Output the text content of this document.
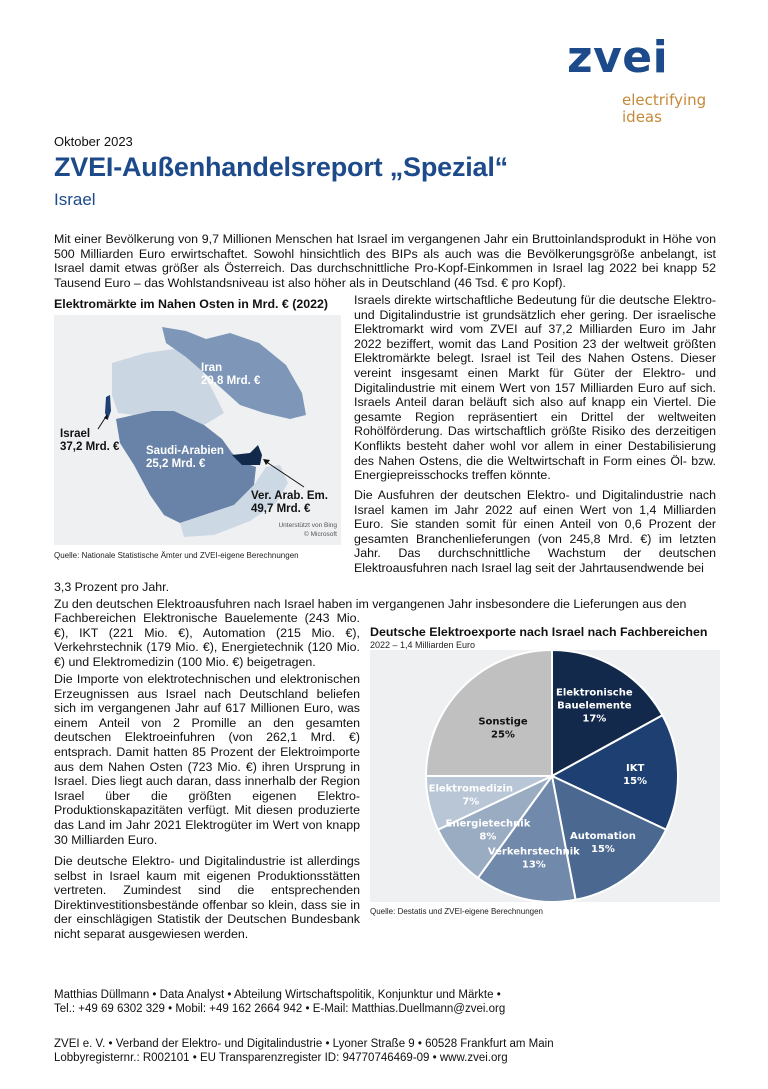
zvei
electrifying
ideas
Oktober 2023
ZVEI-Außenhandelsreport „Spezial“
Israel
Mit einer Bevölkerung von 9,7 Millionen Menschen hat Israel im vergangenen Jahr ein Bruttoinlandsprodukt in Höhe von 500 Milliarden Euro erwirtschaftet. Sowohl hinsichtlich des BIPs als auch was die Bevölkerungsgröße anbelangt, ist Israel damit etwas größer als Österreich. Das durchschnittliche Pro-Kopf-Einkommen in Israel lag 2022 bei knapp 52 Tausend Euro – das Wohlstandsniveau ist also höher als in Deutschland (46 Tsd. € pro Kopf).
Elektromärkte im Nahen Osten in Mrd. € (2022)
Iran
20,8 Mrd. €
Israel
37,2 Mrd. € Saudi-Arabien
25,2 Mrd. €
Ver. Arab. Em.
49,7 Mrd. €
Unterstützt von Bing
© Microsoft
Quelle: Nationale Statistische Ämter und ZVEI-eigene Berechnungen
Israels direkte wirtschaftliche Bedeutung für die deutsche Elektro- und Digitalindustrie ist grundsätzlich eher gering. Der israelische Elektromarkt wird vom ZVEI auf 37,2 Milliarden Euro im Jahr 2022 beziffert, womit das Land Position 23 der weltweit größten Elektromärkte belegt. Israel ist Teil des Nahen Ostens. Dieser vereint insgesamt einen Markt für Güter der Elektro- und Digitalindustrie mit einem Wert von 157 Milliarden Euro auf sich. Israels Anteil daran beläuft sich also auf knapp ein Viertel. Die gesamte Region repräsentiert ein Drittel der weltweiten Rohölförderung. Das wirtschaftlich größte Risiko des derzeitigen Konflikts besteht daher wohl vor allem in einer Destabilisierung des Nahen Ostens, die die Weltwirtschaft in Form eines Öl- bzw. Energiepreisschocks treffen könnte.
Die Ausfuhren der deutschen Elektro- und Digitalindustrie nach Israel kamen im Jahr 2022 auf einen Wert von 1,4 Milliarden Euro. Sie standen somit für einen Anteil von 0,6 Prozent der gesamten Branchenlieferungen (von 245,8 Mrd. €) im letzten Jahr. Das durchschnittliche Wachstum der deutschen Elektroausfuhren nach Israel lag seit der Jahrtausendwende bei
3,3 Prozent pro Jahr.
Zu den deutschen Elektroausfuhren nach Israel haben im vergangenen Jahr insbesondere die Lieferungen aus den
Fachbereichen Elektronische Bauelemente (243 Mio. €), IKT (221 Mio. €), Automation (215 Mio. €), Verkehrstechnik (179 Mio. €), Energietechnik (120 Mio. €) und Elektromedizin (100 Mio. €) beigetragen.
Die Importe von elektrotechnischen und elektronischen Erzeugnissen aus Israel nach Deutschland beliefen sich im vergangenen Jahr auf 617 Millionen Euro, was einem Anteil von 2 Promille an den gesamten deutschen Elektroeinfuhren (von 262,1 Mrd. €) entsprach. Damit hatten 85 Prozent der Elektroimporte aus dem Nahen Osten (723 Mio. €) ihren Ursprung in Israel. Dies liegt auch daran, dass innerhalb der Region Israel über die größten eigenen Elektro-Produktionskapazitäten verfügt. Mit diesen produzierte das Land im Jahr 2021 Elektrogüter im Wert von knapp 30 Milliarden Euro.
Die deutsche Elektro- und Digitalindustrie ist allerdings selbst in Israel kaum mit eigenen Produktionsstätten vertreten. Zumindest sind die entsprechenden Direktinvestitionsbestände offenbar so klein, dass sie in der einschlägigen Statistik der Deutschen Bundesbank nicht separat ausgewiesen werden.
Deutsche Elektroexporte nach Israel nach Fachbereichen
2022 – 1,4 Milliarden Euro
Elektronische Bauelemente 17%
IKT 15%
Automation 15%
Verkehrstechnik 13%
Energietechnik 8%
Elektromedizin 7%
Sonstige 25%
Quelle: Destatis und ZVEI-eigene Berechnungen
Matthias Düllmann • Data Analyst • Abteilung Wirtschaftspolitik, Konjunktur und Märkte •
Tel.: +49 69 6302 329 • Mobil: +49 162 2664 942 • E-Mail: Matthias.Duellmann@zvei.org
ZVEI e. V. • Verband der Elektro- und Digitalindustrie • Lyoner Straße 9 • 60528 Frankfurt am Main
Lobbyregisternr.: R002101 • EU Transparenzregister ID: 94770746469-09 • www.zvei.org
